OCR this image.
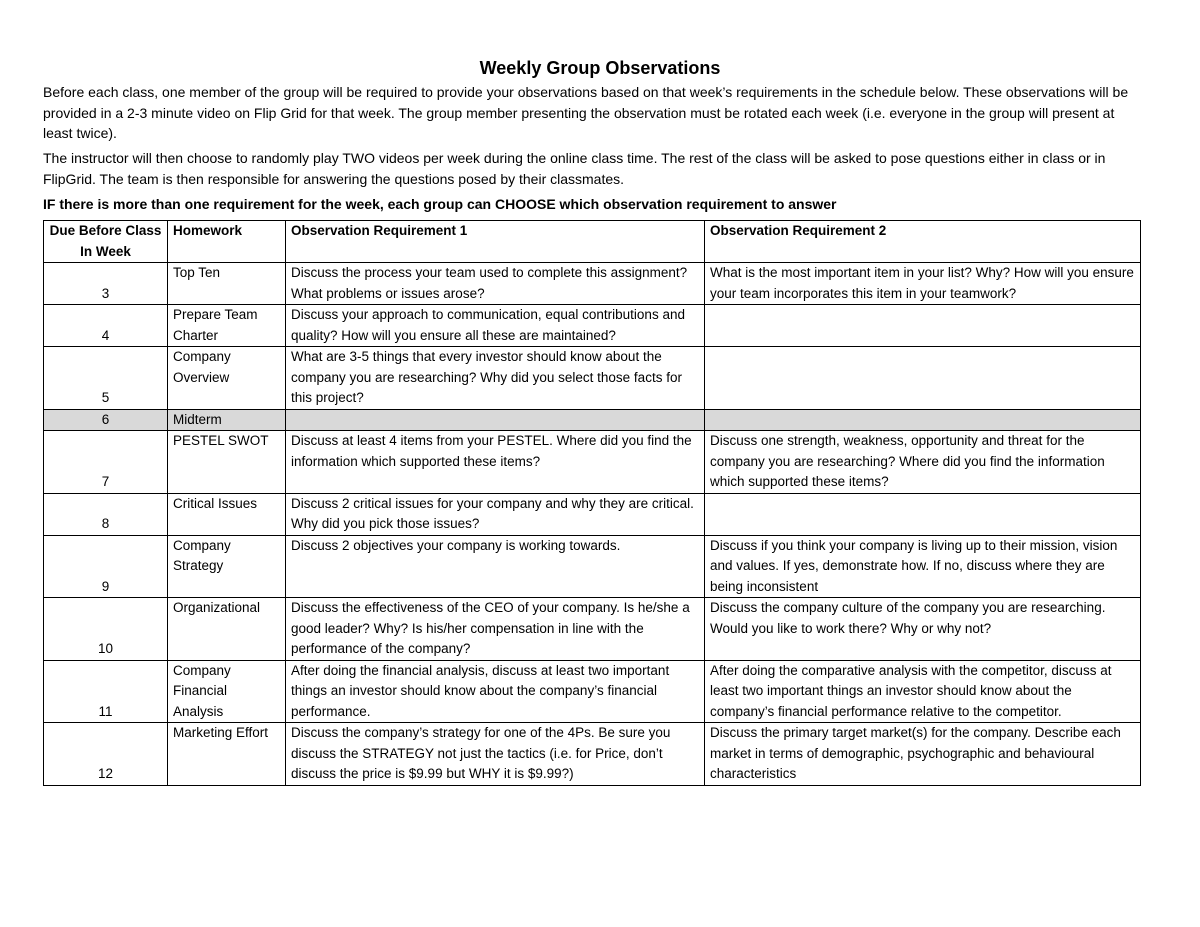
Weekly Group Observations

Before each class, one member of the group will be required to provide your observations based on that week’s requirements in the schedule below. These observations will be provided in a 2-3 minute video on Flip Grid for that week. The group member presenting the observation must be rotated each week (i.e. everyone in the group will present at least twice).

The instructor will then choose to randomly play TWO videos per week during the online class time. The rest of the class will be asked to pose questions either in class or in FlipGrid. The team is then responsible for answering the questions posed by their classmates.

IF there is more than one requirement for the week, each group can CHOOSE which observation requirement to answer
Due Before Class In Week	Homework	Observation Requirement 1	Observation Requirement 2
3	Top Ten	Discuss the process your team used to complete this assignment? What problems or issues arose?	What is the most important item in your list? Why? How will you ensure your team incorporates this item in your teamwork?
4	Prepare Team Charter	Discuss your approach to communication, equal contributions and quality? How will you ensure all these are maintained?	
5	Company Overview	What are 3-5 things that every investor should know about the company you are researching? Why did you select those facts for this project?	
6	Midterm		
7	PESTEL SWOT	Discuss at least 4 items from your PESTEL. Where did you find the information which supported these items?	Discuss one strength, weakness, opportunity and threat for the company you are researching? Where did you find the information which supported these items?
8	Critical Issues	Discuss 2 critical issues for your company and why they are critical. Why did you pick those issues?	
9	Company Strategy	Discuss 2 objectives your company is working towards.	Discuss if you think your company is living up to their mission, vision and values. If yes, demonstrate how. If no, discuss where they are being inconsistent
10	Organizational	Discuss the effectiveness of the CEO of your company. Is he/she a good leader? Why? Is his/her compensation in line with the performance of the company?	Discuss the company culture of the company you are researching. Would you like to work there? Why or why not?
11	Company Financial Analysis	After doing the financial analysis, discuss at least two important things an investor should know about the company’s financial performance.	After doing the comparative analysis with the competitor, discuss at least two important things an investor should know about the company’s financial performance relative to the competitor.
12	Marketing Effort	Discuss the company’s strategy for one of the 4Ps. Be sure you discuss the STRATEGY not just the tactics (i.e. for Price, don’t discuss the price is $9.99 but WHY it is $9.99?)	Discuss the primary target market(s) for the company. Describe each market in terms of demographic, psychographic and behavioural characteristics
